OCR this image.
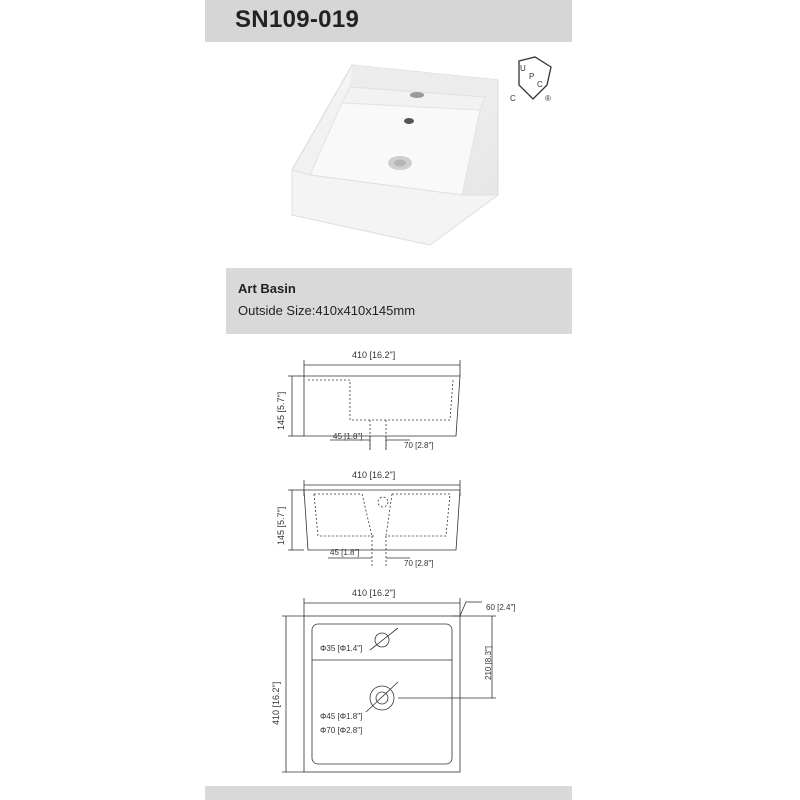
SN109-019
U
P
C
C	®
Art Basin
Outside Size:410x410x145mm
410 [16.2"]
145 [5.7"]
45 [1.8"]
70 [2.8"]
410 [16.2"]
145 [5.7"]
45 [1.8"]
70 [2.8"]
410 [16.2"]
410 [16.2"]
60 [2.4"]
210 [8.3"]
Φ35 [Φ1.4"]
Φ45 [Φ1.8"]
Φ70 [Φ2.8"]
